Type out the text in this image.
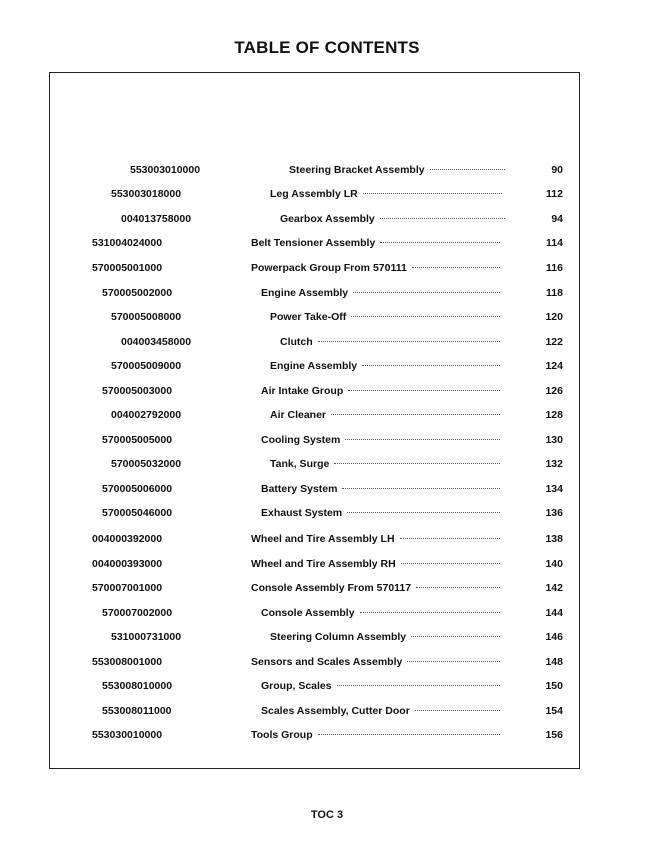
TABLE OF CONTENTS
553003010000	Steering Bracket Assembly	90
553003018000	Leg Assembly LR	112
004013758000	Gearbox Assembly	94
531004024000	Belt Tensioner Assembly	114
570005001000	Powerpack Group From 570111	116
570005002000	Engine Assembly	118
570005008000	Power Take-Off	120
004003458000	Clutch	122
570005009000	Engine Assembly	124
570005003000	Air Intake Group	126
004002792000	Air Cleaner	128
570005005000	Cooling System	130
570005032000	Tank, Surge	132
570005006000	Battery System	134
570005046000	Exhaust System	136
004000392000	Wheel and Tire Assembly LH	138
004000393000	Wheel and Tire Assembly RH	140
570007001000	Console Assembly From 570117	142
570007002000	Console Assembly	144
531000731000	Steering Column Assembly	146
553008001000	Sensors and Scales Assembly	148
553008010000	Group, Scales	150
553008011000	Scales Assembly, Cutter Door	154
553030010000	Tools Group	156
TOC 3
